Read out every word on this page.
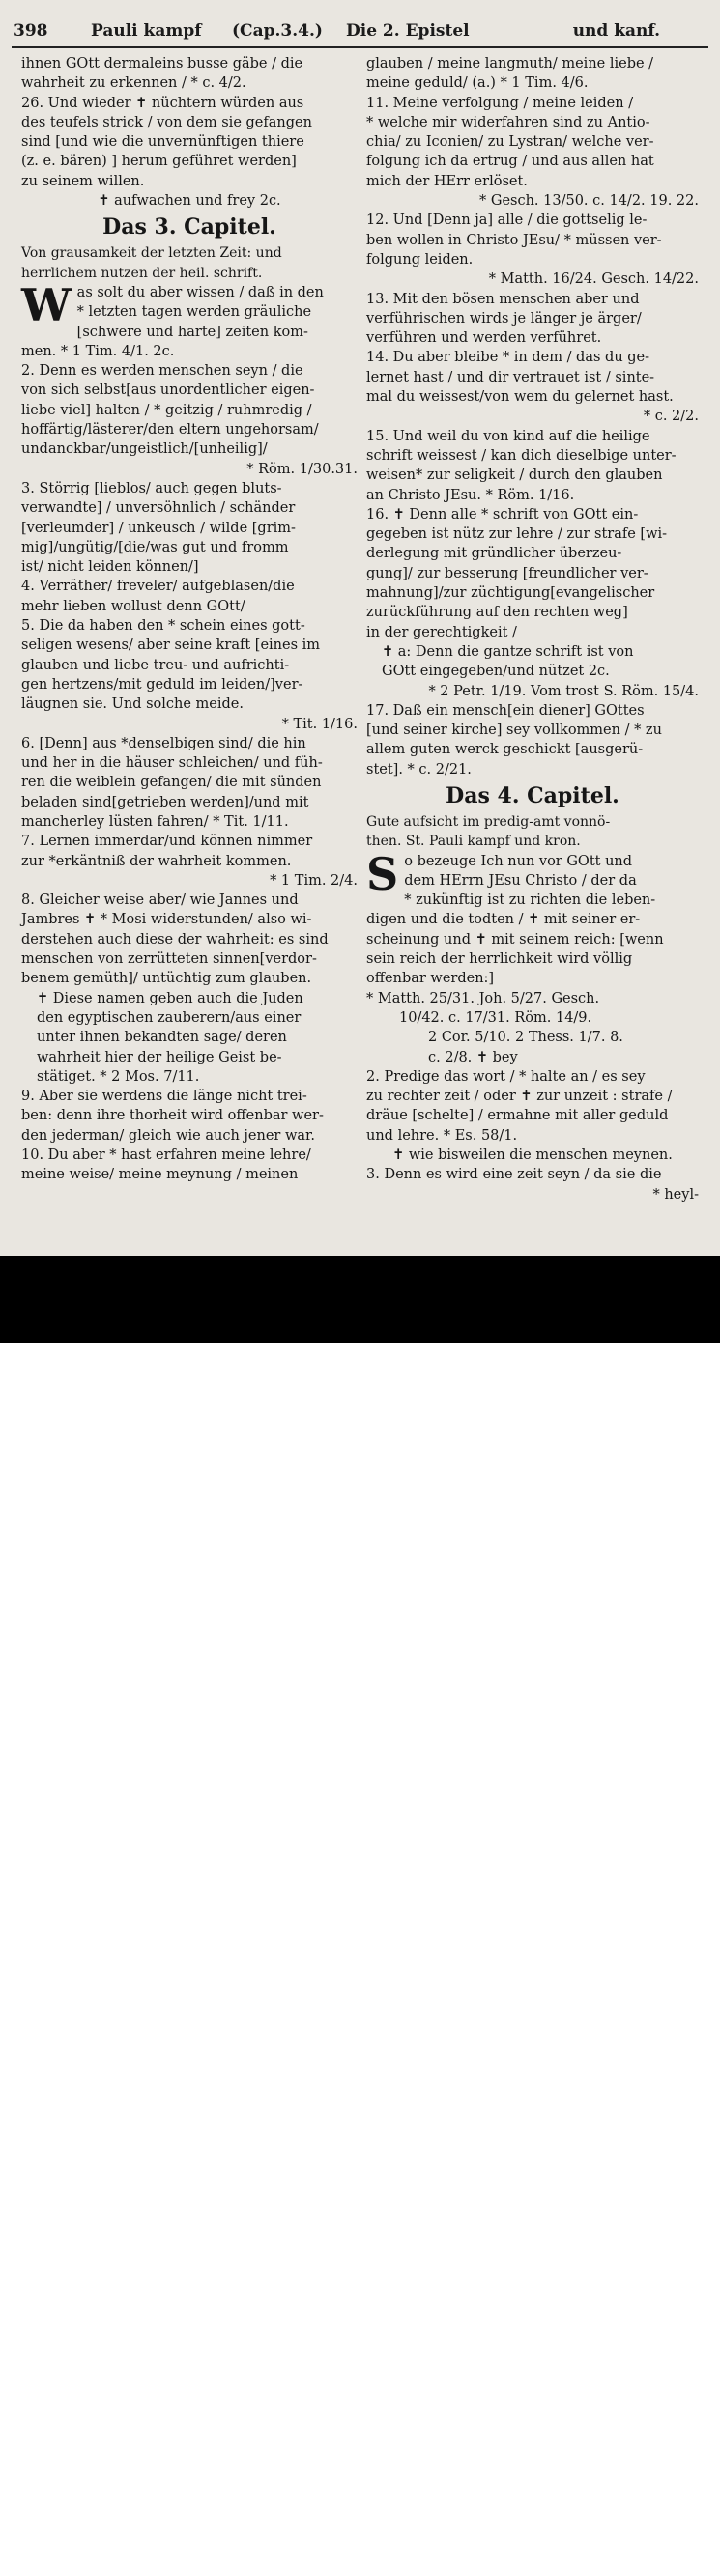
398	Pauli kampf (Cap.3.4.) Die 2. Epistel	und kanf.

ihnen GOtt dermaleins busse gäbe / die

wahrheit zu erkennen / * c. 4/2.

26. Und wieder ✝ nüchtern würden aus

des teufels strick / von dem sie gefangen

sind [und wie die unvernünftigen thiere

(z. e. bären) ] herum geführet werden]

zu seinem willen.

✝ aufwachen und frey 2c.

Das 3. Capitel.

Von grausamkeit der letzten Zeit: und

herrlichem nutzen der heil. schrift.

W as solt du aber wissen / daß in den

* letzten tagen werden gräuliche

[schwere und harte] zeiten kom-

men. * 1 Tim. 4/1. 2c.

2. Denn es werden menschen seyn / die

von sich selbst[aus unordentlicher eigen-

liebe viel] halten / * geitzig / ruhmredig /

hoffärtig/lästerer/den eltern ungehorsam/

undanckbar/ungeistlich/[unheilig]/

* Röm. 1/30.31.

3. Störrig [lieblos/ auch gegen bluts-

verwandte] / unversöhnlich / schänder

[verleumder] / unkeusch / wilde [grim-

mig]/ungütig/[die/was gut und fromm

ist/ nicht leiden können/]

4. Verräther/ freveler/ aufgeblasen/die

mehr lieben wollust denn GOtt/

5. Die da haben den * schein eines gott-

seligen wesens/ aber seine kraft [eines im

glauben und liebe treu- und aufrichti-

gen hertzens/mit geduld im leiden/]ver-

läugnen sie. Und solche meide.

* Tit. 1/16.

6. [Denn] aus *denselbigen sind/ die hin

und her in die häuser schleichen/ und füh-

ren die weiblein gefangen/ die mit sünden

beladen sind[getrieben werden]/und mit

mancherley lüsten fahren/ * Tit. 1/11.

7. Lernen immerdar/und können nimmer

zur *erkäntniß der wahrheit kommen.

* 1 Tim. 2/4.

8. Gleicher weise aber/ wie Jannes und

Jambres ✝ * Mosi widerstunden/ also wi-

derstehen auch diese der wahrheit: es sind

menschen von zerrütteten sinnen[verdor-

benem gemüth]/ untüchtig zum glauben.

✝ Diese namen geben auch die Juden

den egyptischen zauberern/aus einer

unter ihnen bekandten sage/ deren

wahrheit hier der heilige Geist be-

stätiget. * 2 Mos. 7/11.

9. Aber sie werdens die länge nicht trei-

ben: denn ihre thorheit wird offenbar wer-

den jederman/ gleich wie auch jener war.

10. Du aber * hast erfahren meine lehre/

meine weise/ meine meynung / meinen

glauben / meine langmuth/ meine liebe /

meine geduld/ (a.) * 1 Tim. 4/6.

11. Meine verfolgung / meine leiden /

* welche mir widerfahren sind zu Antio-

chia/ zu Iconien/ zu Lystran/ welche ver-

folgung ich da ertrug / und aus allen hat

mich der HErr erlöset.

* Gesch. 13/50. c. 14/2. 19. 22.

12. Und [Denn ja] alle / die gottselig le-

ben wollen in Christo JEsu/ * müssen ver-

folgung leiden.

* Matth. 16/24. Gesch. 14/22.

13. Mit den bösen menschen aber und

verführischen wirds je länger je ärger/

verführen und werden verführet.

14. Du aber bleibe * in dem / das du ge-

lernet hast / und dir vertrauet ist / sinte-

mal du weissest/von wem du gelernet hast.

* c. 2/2.

15. Und weil du von kind auf die heilige

schrift weissest / kan dich dieselbige unter-

weisen* zur seligkeit / durch den glauben

an Christo JEsu. * Röm. 1/16.

16. ✝ Denn alle * schrift von GOtt ein-

gegeben ist nütz zur lehre / zur strafe [wi-

derlegung mit gründlicher überzeu-

gung]/ zur besserung [freundlicher ver-

mahnung]/zur züchtigung[evangelischer

zurückführung auf den rechten weg]

in der gerechtigkeit /

✝ a: Denn die gantze schrift ist von

GOtt eingegeben/und nützet 2c.

* 2 Petr. 1/19. Vom trost S. Röm. 15/4.

17. Daß ein mensch[ein diener] GOttes

[und seiner kirche] sey vollkommen / * zu

allem guten werck geschickt [ausgerü-

stet]. * c. 2/21.

Das 4. Capitel.

Gute aufsicht im predig-amt vonnö-

then. St. Pauli kampf und kron.

S o bezeuge Ich nun vor GOtt und

dem HErrn JEsu Christo / der da

* zukünftig ist zu richten die leben-

digen und die todten / ✝ mit seiner er-

scheinung und ✝ mit seinem reich: [wenn

sein reich der herrlichkeit wird völlig

offenbar werden:]

* Matth. 25/31. Joh. 5/27. Gesch.

10/42. c. 17/31. Röm. 14/9.

2 Cor. 5/10. 2 Thess. 1/7. 8.

c. 2/8. ✝ bey

2. Predige das wort / * halte an / es sey

zu rechter zeit / oder ✝ zur unzeit : strafe /

dräue [schelte] / ermahne mit aller geduld

und lehre. * Es. 58/1.

✝ wie bisweilen die menschen meynen.

3. Denn es wird eine zeit seyn / da sie die

* heyl-

alamy	Image ID: 2J04P16
www.alamy.com
